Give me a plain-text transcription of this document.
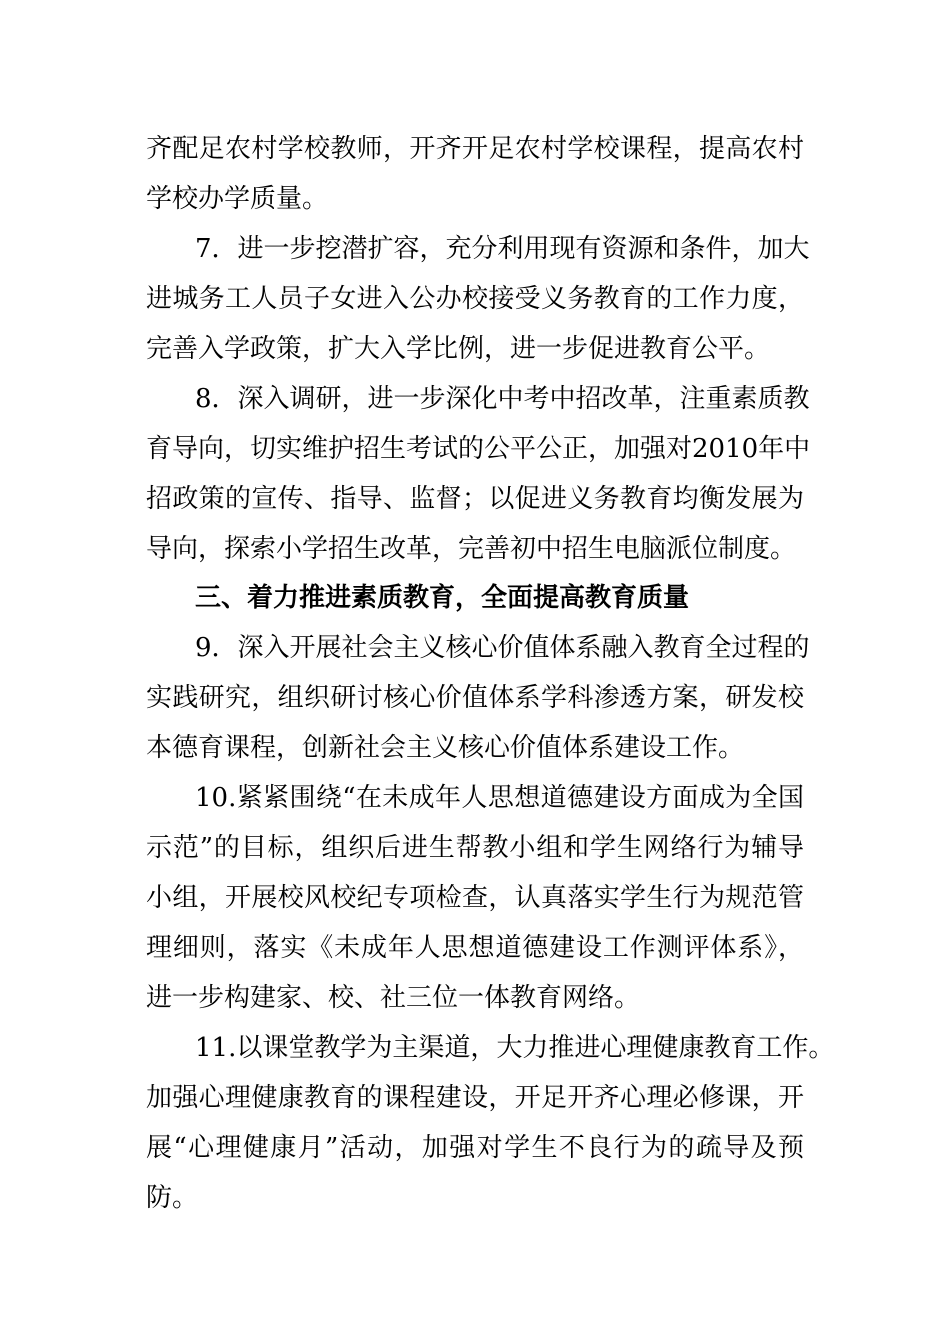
齐配足农村学校教师，开齐开足农村学校课程，提高农村
学校办学质量。
7．进一步挖潜扩容，充分利用现有资源和条件，加大
进城务工人员子女进入公办校接受义务教育的工作力度，
完善入学政策，扩大入学比例，进一步促进教育公平。
8．深入调研，进一步深化中考中招改革，注重素质教
育导向，切实维护招生考试的公平公正，加强对2010年中
招政策的宣传、指导、监督；以促进义务教育均衡发展为
导向，探索小学招生改革，完善初中招生电脑派位制度。
三、着力推进素质教育，全面提高教育质量
9．深入开展社会主义核心价值体系融入教育全过程的
实践研究，组织研讨核心价值体系学科渗透方案，研发校
本德育课程，创新社会主义核心价值体系建设工作。
10.紧紧围绕“在未成年人思想道德建设方面成为全国
示范”的目标，组织后进生帮教小组和学生网络行为辅导
小组，开展校风校纪专项检查，认真落实学生行为规范管
理细则，落实《未成年人思想道德建设工作测评体系》，
进一步构建家、校、社三位一体教育网络。
11.以课堂教学为主渠道，大力推进心理健康教育工作。
加强心理健康教育的课程建设，开足开齐心理必修课，开
展“心理健康月”活动，加强对学生不良行为的疏导及预
防。
